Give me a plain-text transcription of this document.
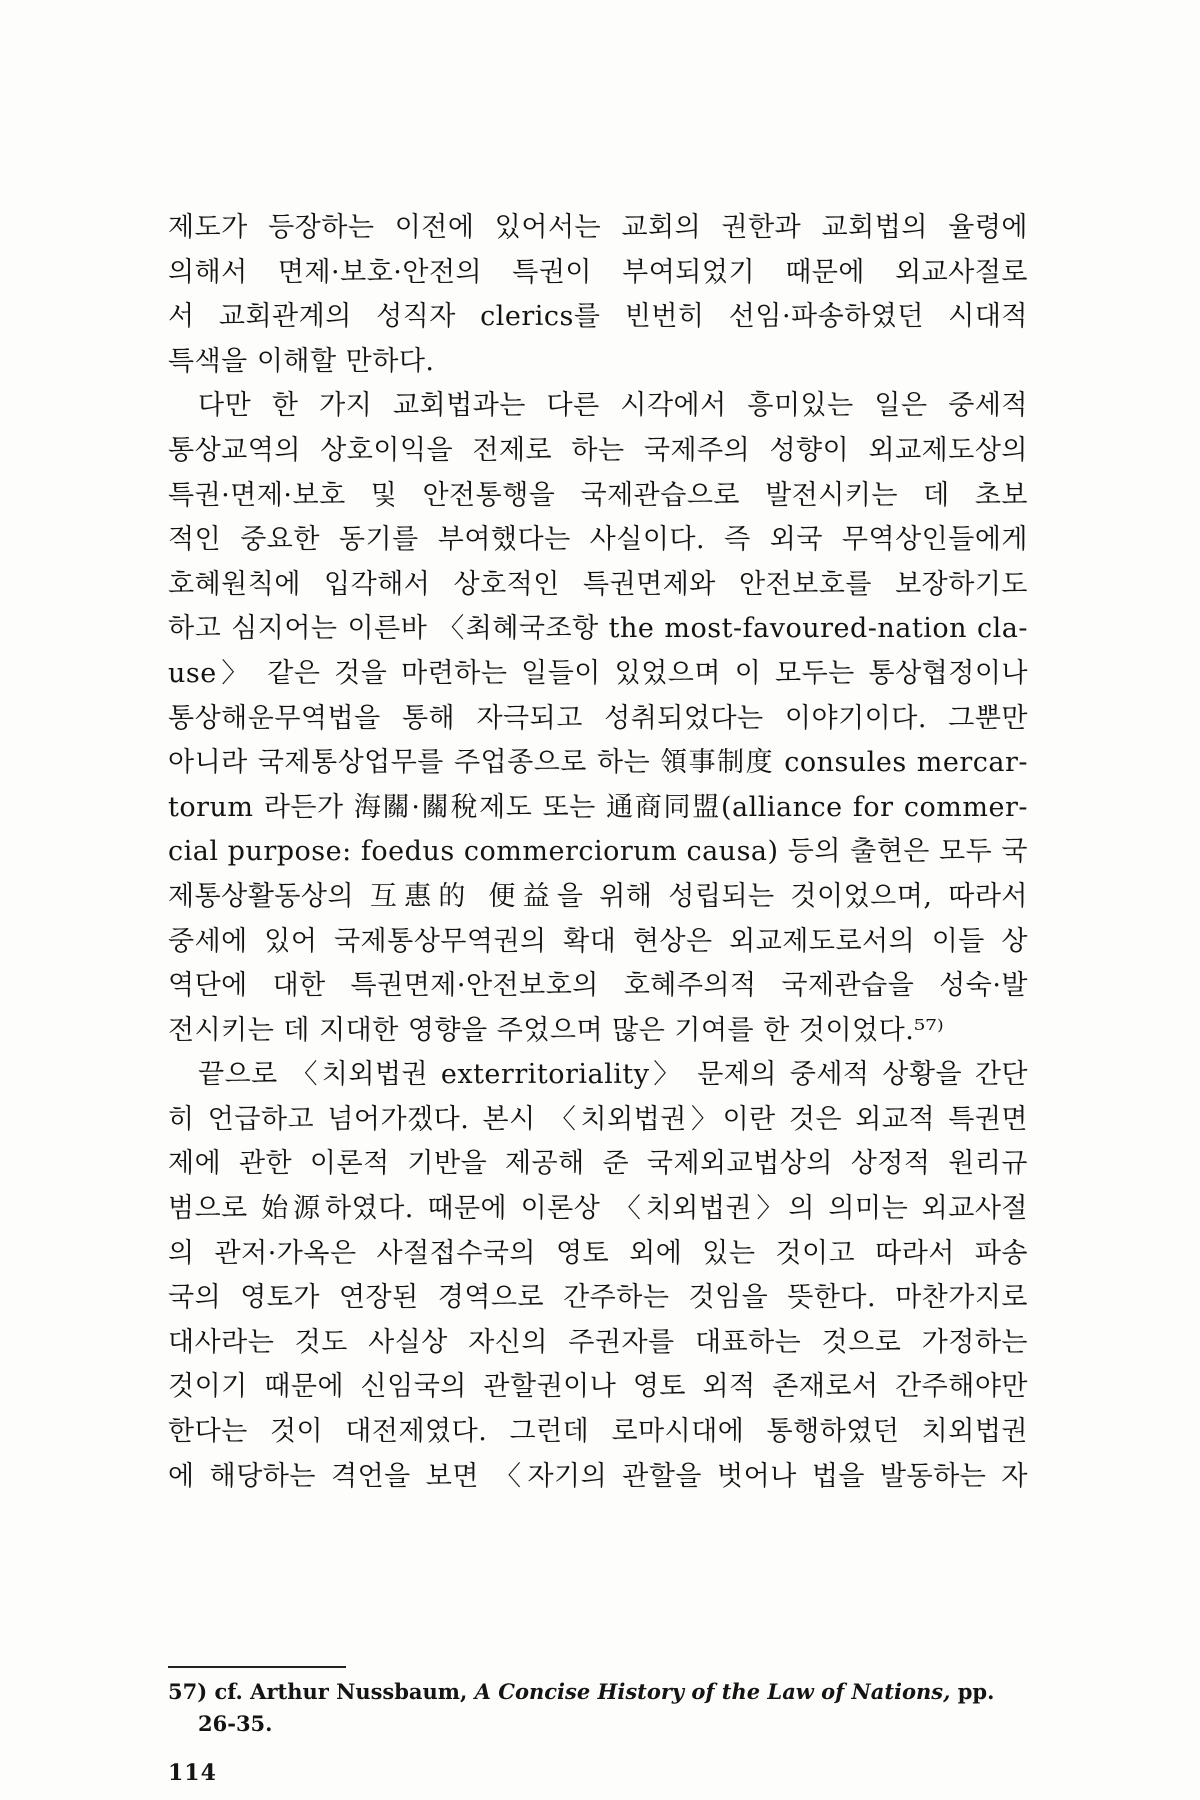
제도가 등장하는 이전에 있어서는 교회의 권한과 교회법의 율령에
의해서 면제·보호·안전의 특권이 부여되었기 때문에 외교사절로
서 교회관계의 성직자 clerics를 빈번히 선임·파송하였던 시대적
특색을 이해할 만하다.
다만 한 가지 교회법과는 다른 시각에서 흥미있는 일은 중세적
통상교역의 상호이익을 전제로 하는 국제주의 성향이 외교제도상의
특권·면제·보호 및 안전통행을 국제관습으로 발전시키는 데 초보
적인 중요한 동기를 부여했다는 사실이다. 즉 외국 무역상인들에게
호혜원칙에 입각해서 상호적인 특권면제와 안전보호를 보장하기도
하고 심지어는 이른바 〈최혜국조항 the most-favoured-nation cla-
use〉 같은 것을 마련하는 일들이 있었으며 이 모두는 통상협정이나
통상해운무역법을 통해 자극되고 성취되었다는 이야기이다. 그뿐만
아니라 국제통상업무를 주업종으로 하는 領事制度 consules mercar-
torum 라든가 海關·關稅제도 또는 通商同盟(alliance for commer-
cial purpose: foedus commerciorum causa) 등의 출현은 모두 국
제통상활동상의 互惠的 便益을 위해 성립되는 것이었으며, 따라서
중세에 있어 국제통상무역권의 확대 현상은 외교제도로서의 이들 상
역단에 대한 특권면제·안전보호의 호혜주의적 국제관습을 성숙·발
전시키는 데 지대한 영향을 주었으며 많은 기여를 한 것이었다.⁵⁷⁾
끝으로 〈치외법권 exterritoriality〉 문제의 중세적 상황을 간단
히 언급하고 넘어가겠다. 본시 〈치외법권〉이란 것은 외교적 특권면
제에 관한 이론적 기반을 제공해 준 국제외교법상의 상정적 원리규
범으로 始源하였다. 때문에 이론상 〈치외법권〉의 의미는 외교사절
의 관저·가옥은 사절접수국의 영토 외에 있는 것이고 따라서 파송
국의 영토가 연장된 경역으로 간주하는 것임을 뜻한다. 마찬가지로
대사라는 것도 사실상 자신의 주권자를 대표하는 것으로 가정하는
것이기 때문에 신임국의 관할권이나 영토 외적 존재로서 간주해야만
한다는 것이 대전제였다. 그런데 로마시대에 통행하였던 치외법권
에 해당하는 격언을 보면 〈자기의 관할을 벗어나 법을 발동하는 자
57) cf. Arthur Nussbaum, A Concise History of the Law of Nations, pp.
26-35.
114
